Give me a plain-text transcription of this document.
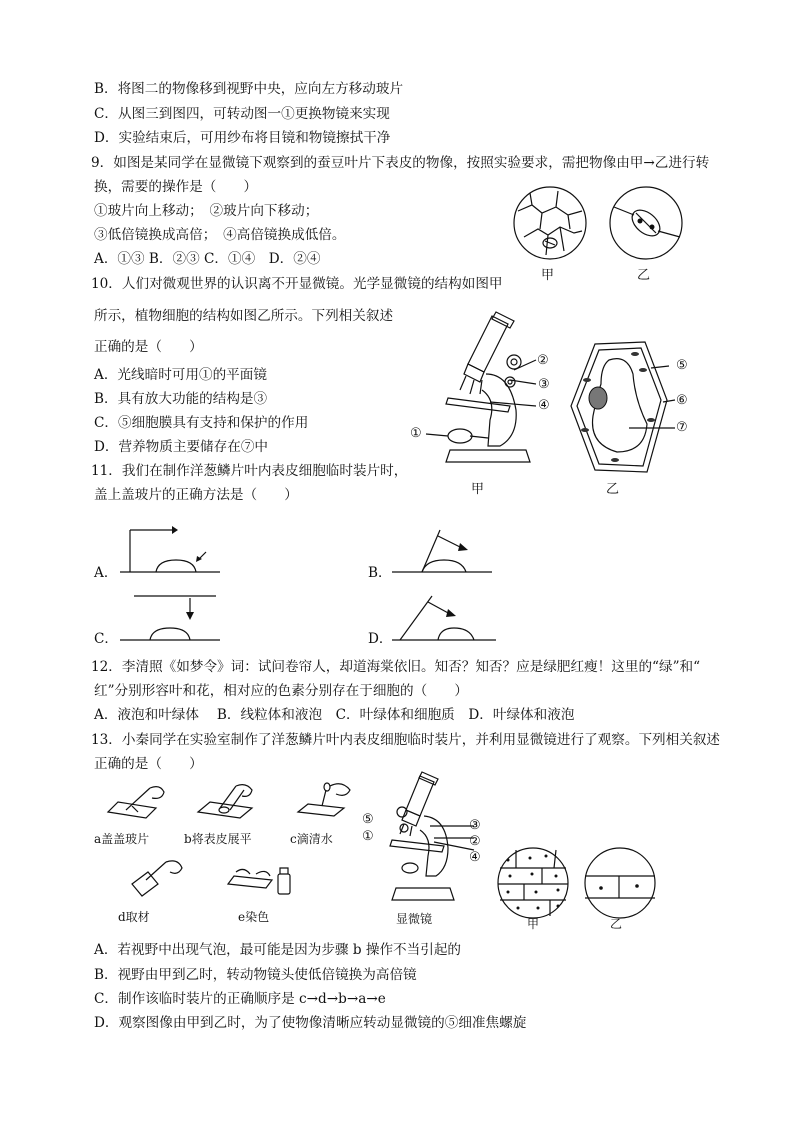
B．将图二的物像移到视野中央，应向左方移动玻片
C．从图三到图四，可转动图一①更换物镜来实现
D．实验结束后，可用纱布将目镜和物镜擦拭干净
9．如图是某同学在显微镜下观察到的蚕豆叶片下表皮的物像，按照实验要求，需把物像由甲→乙进行转
换，需要的操作是（　　）
①玻片向上移动；　②玻片向下移动；
③低倍镜换成高倍；　④高倍镜换成低倍。
A．①③ B．②③ C．①④　D．②④
甲	乙
10．人们对微观世界的认识离不开显微镜。光学显微镜的结构如图甲
所示，植物细胞的结构如图乙所示。下列相关叙述
正确的是（　　）
A．光线暗时可用①的平面镜
B．具有放大功能的结构是③
C．⑤细胞膜具有支持和保护的作用
D．营养物质主要储存在⑦中
②
③
④
①
甲
⑤
⑥
⑦
乙
11．我们在制作洋葱鳞片叶内表皮细胞临时装片时，
盖上盖玻片的正确方法是（　　）
A．	B．
C．	D．
12．李清照《如梦令》词：试问卷帘人，却道海棠依旧。知否？知否？应是绿肥红瘦！这里的“绿”和“
红”分别形容叶和花，相对应的色素分别存在于细胞的（　　）
A．液泡和叶绿体　 B．线粒体和液泡　C．叶绿体和细胞质　D．叶绿体和液泡
13．小秦同学在实验室制作了洋葱鳞片叶内表皮细胞临时装片，并利用显微镜进行了观察。下列相关叙述
正确的是（　　）
a盖盖玻片	b将表皮展平	c滴清水
d取材	e染色
⑤
①
③
②
④
显微镜	甲	乙
A．若视野中出现气泡，最可能是因为步骤 b 操作不当引起的
B．视野由甲到乙时，转动物镜头使低倍镜换为高倍镜
C．制作该临时装片的正确顺序是 c→d→b→a→e
D．观察图像由甲到乙时，为了使物像清晰应转动显微镜的⑤细准焦螺旋
